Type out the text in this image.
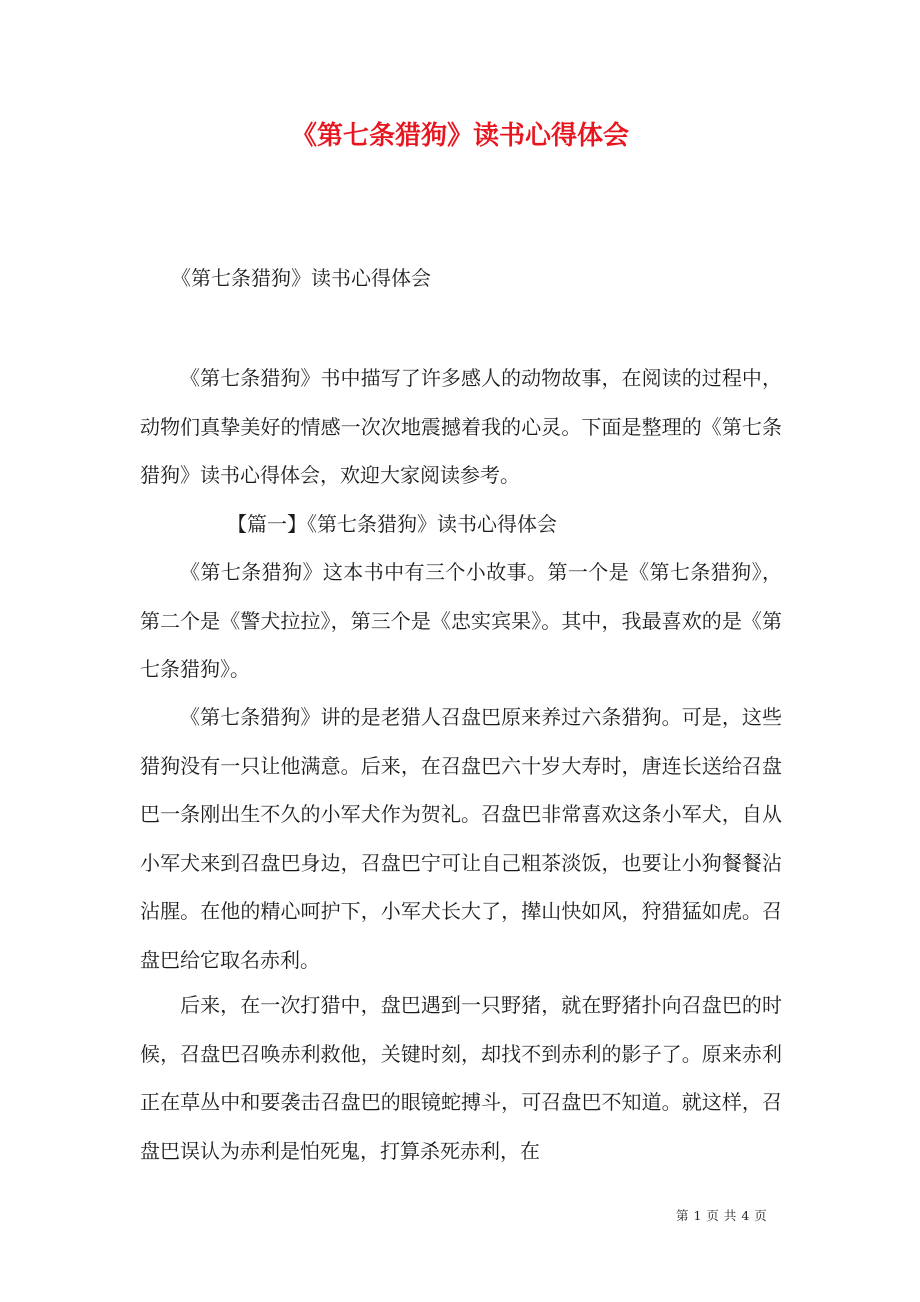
《第七条猎狗》读书心得体会

《第七条猎狗》读书心得体会

《第七条猎狗》书中描写了许多感人的动物故事，在阅读的过程中，动物们真挚美好的情感一次次地震撼着我的心灵。下面是整理的《第七条猎狗》读书心得体会，欢迎大家阅读参考。

【篇一】《第七条猎狗》读书心得体会

《第七条猎狗》这本书中有三个小故事。第一个是《第七条猎狗》，第二个是《警犬拉拉》，第三个是《忠实宾果》。其中，我最喜欢的是《第七条猎狗》。

《第七条猎狗》讲的是老猎人召盘巴原来养过六条猎狗。可是，这些猎狗没有一只让他满意。后来，在召盘巴六十岁大寿时，唐连长送给召盘巴一条刚出生不久的小军犬作为贺礼。召盘巴非常喜欢这条小军犬，自从小军犬来到召盘巴身边，召盘巴宁可让自己粗茶淡饭，也要让小狗餐餐沾沾腥。在他的精心呵护下，小军犬长大了，撵山快如风，狩猎猛如虎。召盘巴给它取名赤利。

后来，在一次打猎中，盘巴遇到一只野猪，就在野猪扑向召盘巴的时候，召盘巴召唤赤利救他，关键时刻，却找不到赤利的影子了。原来赤利正在草丛中和要袭击召盘巴的眼镜蛇搏斗，可召盘巴不知道。就这样，召盘巴误认为赤利是怕死鬼，打算杀死赤利，在

第 1 页 共 4 页
